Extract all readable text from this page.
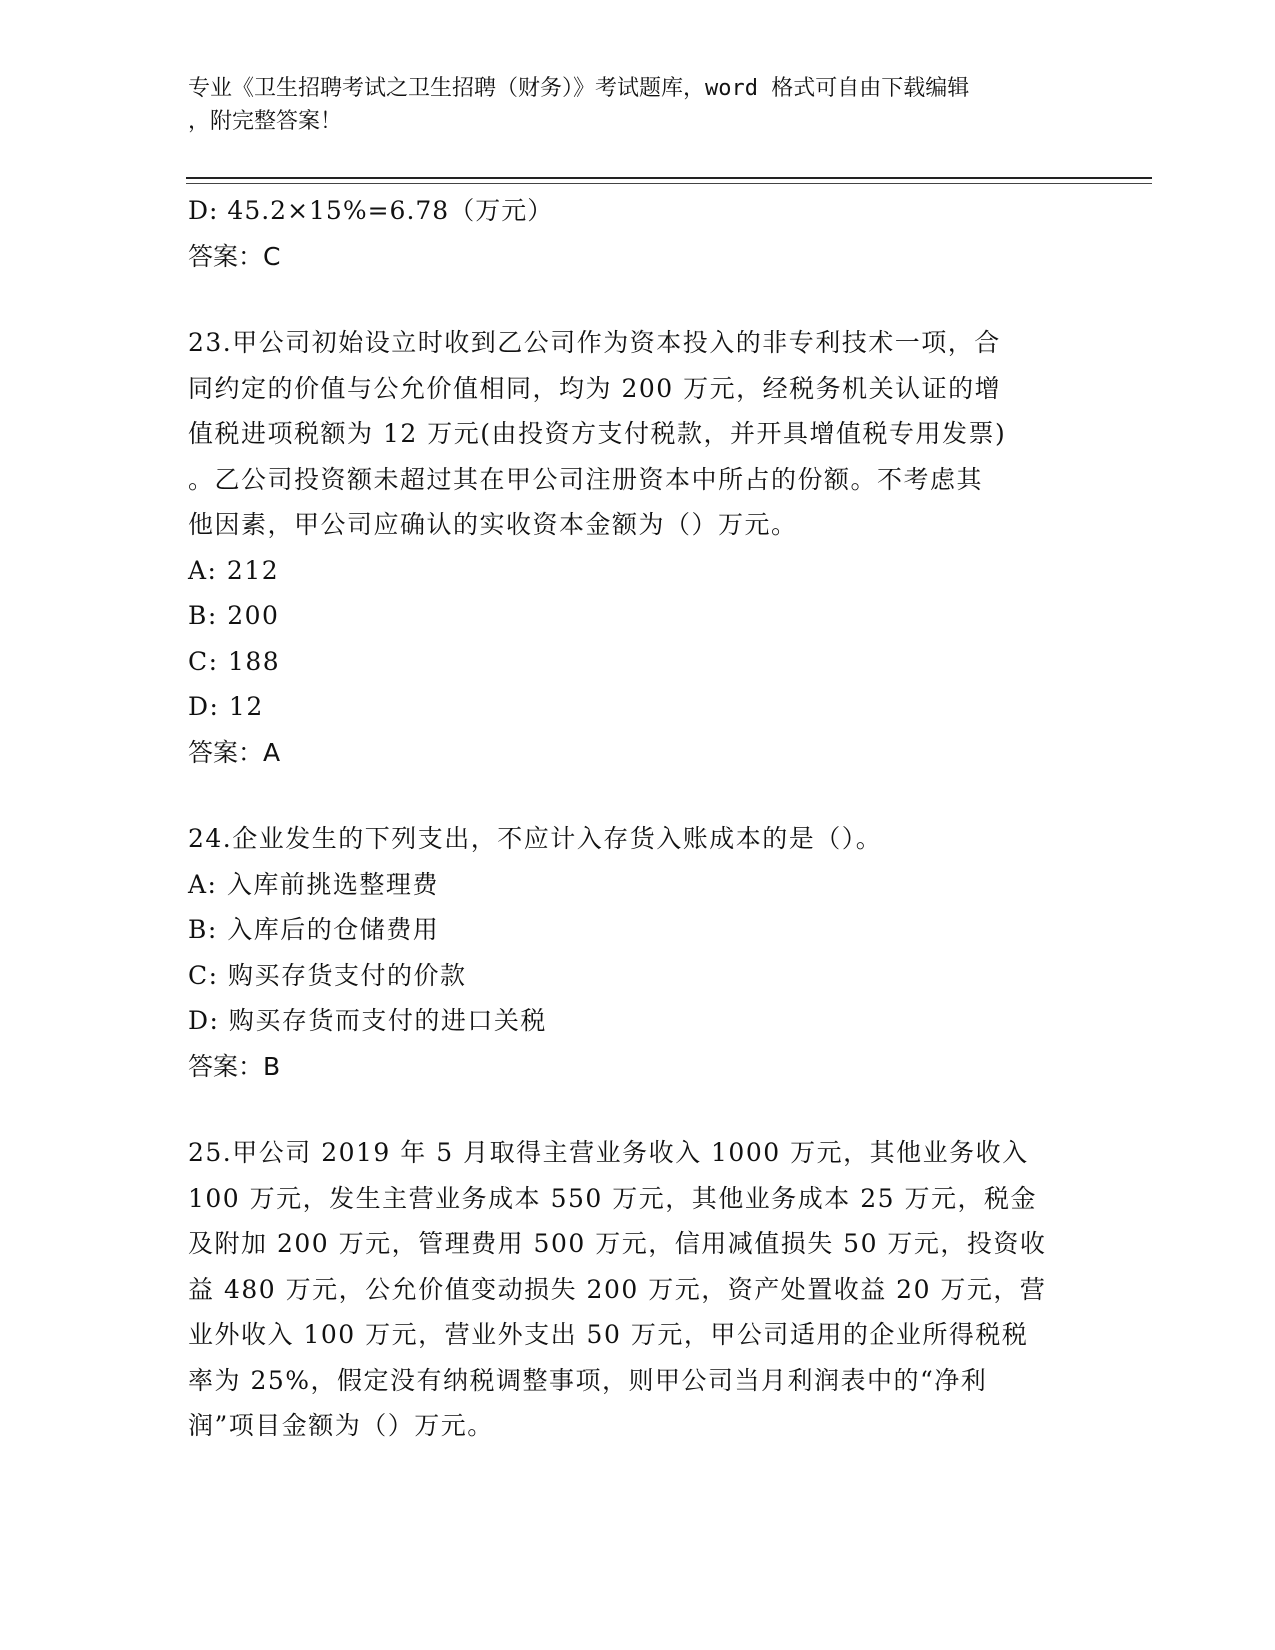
专业《卫生招聘考试之卫生招聘（财务）》考试题库，word 格式可自由下载编辑
，附完整答案！
D: 45.2×15%=6.78（万元）
答案：C
23.甲公司初始设立时收到乙公司作为资本投入的非专利技术一项，合
同约定的价值与公允价值相同，均为 200 万元，经税务机关认证的增
值税进项税额为 12 万元(由投资方支付税款，并开具增值税专用发票)
。乙公司投资额未超过其在甲公司注册资本中所占的份额。不考虑其
他因素，甲公司应确认的实收资本金额为（）万元。
A: 212
B: 200
C: 188
D: 12
答案：A
24.企业发生的下列支出，不应计入存货入账成本的是（）。
A: 入库前挑选整理费
B: 入库后的仓储费用
C: 购买存货支付的价款
D: 购买存货而支付的进口关税
答案：B
25.甲公司 2019 年 5 月取得主营业务收入 1000 万元，其他业务收入
100 万元，发生主营业务成本 550 万元，其他业务成本 25 万元，税金
及附加 200 万元，管理费用 500 万元，信用减值损失 50 万元，投资收
益 480 万元，公允价值变动损失 200 万元，资产处置收益 20 万元，营
业外收入 100 万元，营业外支出 50 万元，甲公司适用的企业所得税税
率为 25%，假定没有纳税调整事项，则甲公司当月利润表中的“净利
润”项目金额为（）万元。
